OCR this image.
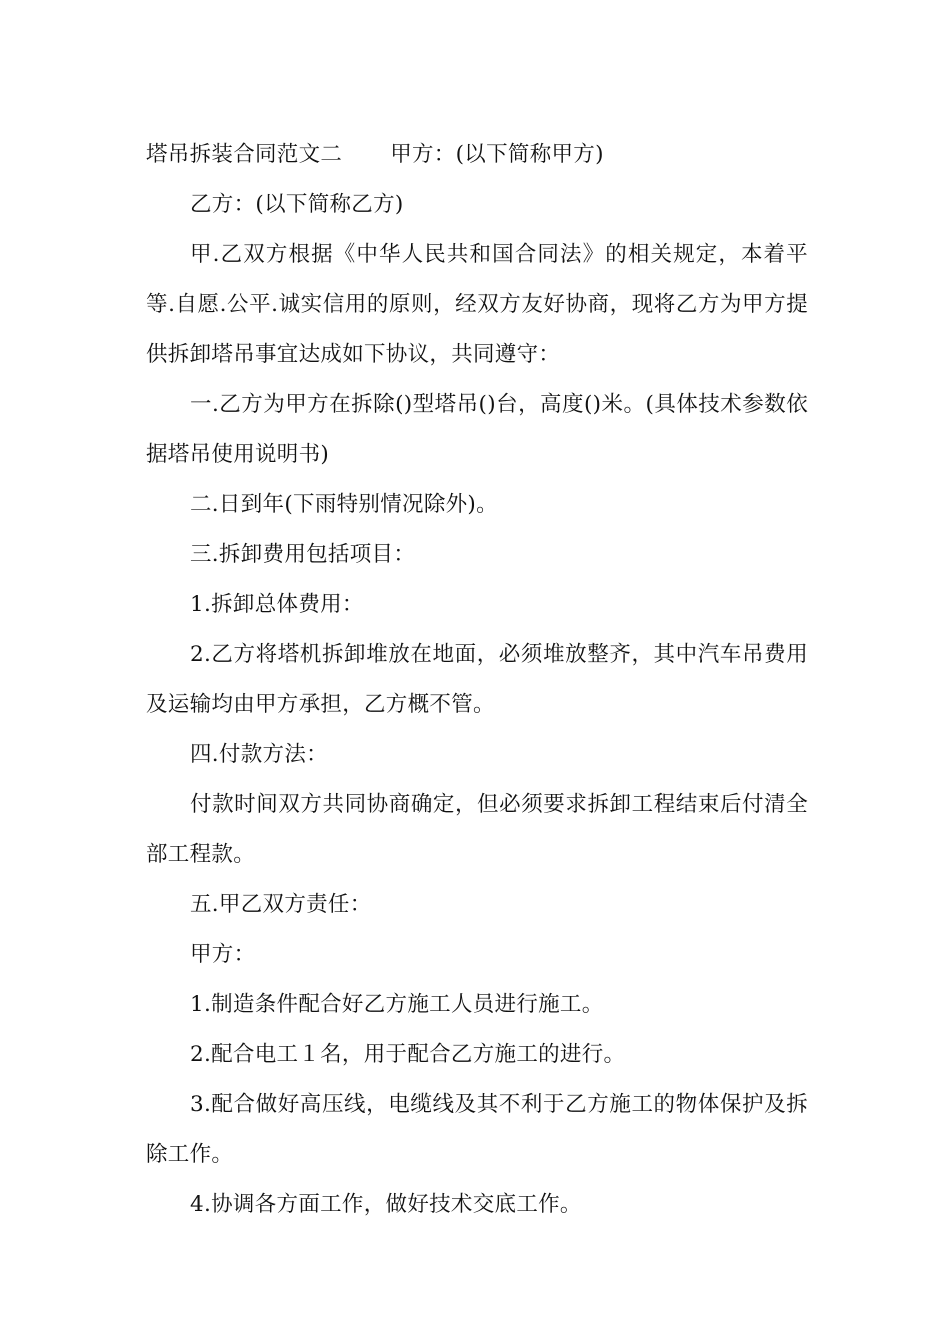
塔吊拆装合同范文二 甲方：(以下简称甲方)

乙方：(以下简称乙方)

甲.乙双方根据《中华人民共和国合同法》的相关规定，本着平等.自愿.公平.诚实信用的原则，经双方友好协商，现将乙方为甲方提供拆卸塔吊事宜达成如下协议，共同遵守：

一.乙方为甲方在拆除()型塔吊()台，高度()米。(具体技术参数依据塔吊使用说明书)

二.日到年(下雨特别情况除外)。

三.拆卸费用包括项目：

1.拆卸总体费用：

2.乙方将塔机拆卸堆放在地面，必须堆放整齐，其中汽车吊费用及运输均由甲方承担，乙方概不管。

四.付款方法：

付款时间双方共同协商确定，但必须要求拆卸工程结束后付清全部工程款。

五.甲乙双方责任：

甲方：

1.制造条件配合好乙方施工人员进行施工。

2.配合电工１名，用于配合乙方施工的进行。

3.配合做好高压线，电缆线及其不利于乙方施工的物体保护及拆除工作。

4.协调各方面工作，做好技术交底工作。
